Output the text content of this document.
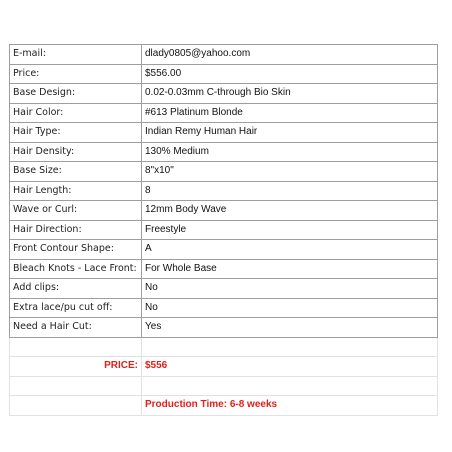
E-mail:	dlady0805@yahoo.com
Price:	$556.00
Base Design:	0.02-0.03mm C-through Bio Skin
Hair Color:	#613 Platinum Blonde
Hair Type:	Indian Remy Human Hair
Hair Density:	130% Medium
Base Size:	8"x10"
Hair Length:	8
Wave or Curl:	12mm Body Wave
Hair Direction:	Freestyle
Front Contour Shape:	A
Bleach Knots - Lace Front:	For Whole Base
Add clips:	No
Extra lace/pu cut off:	No
Need a Hair Cut:	Yes

PRICE:	$556

	Production Time: 6-8 weeks
